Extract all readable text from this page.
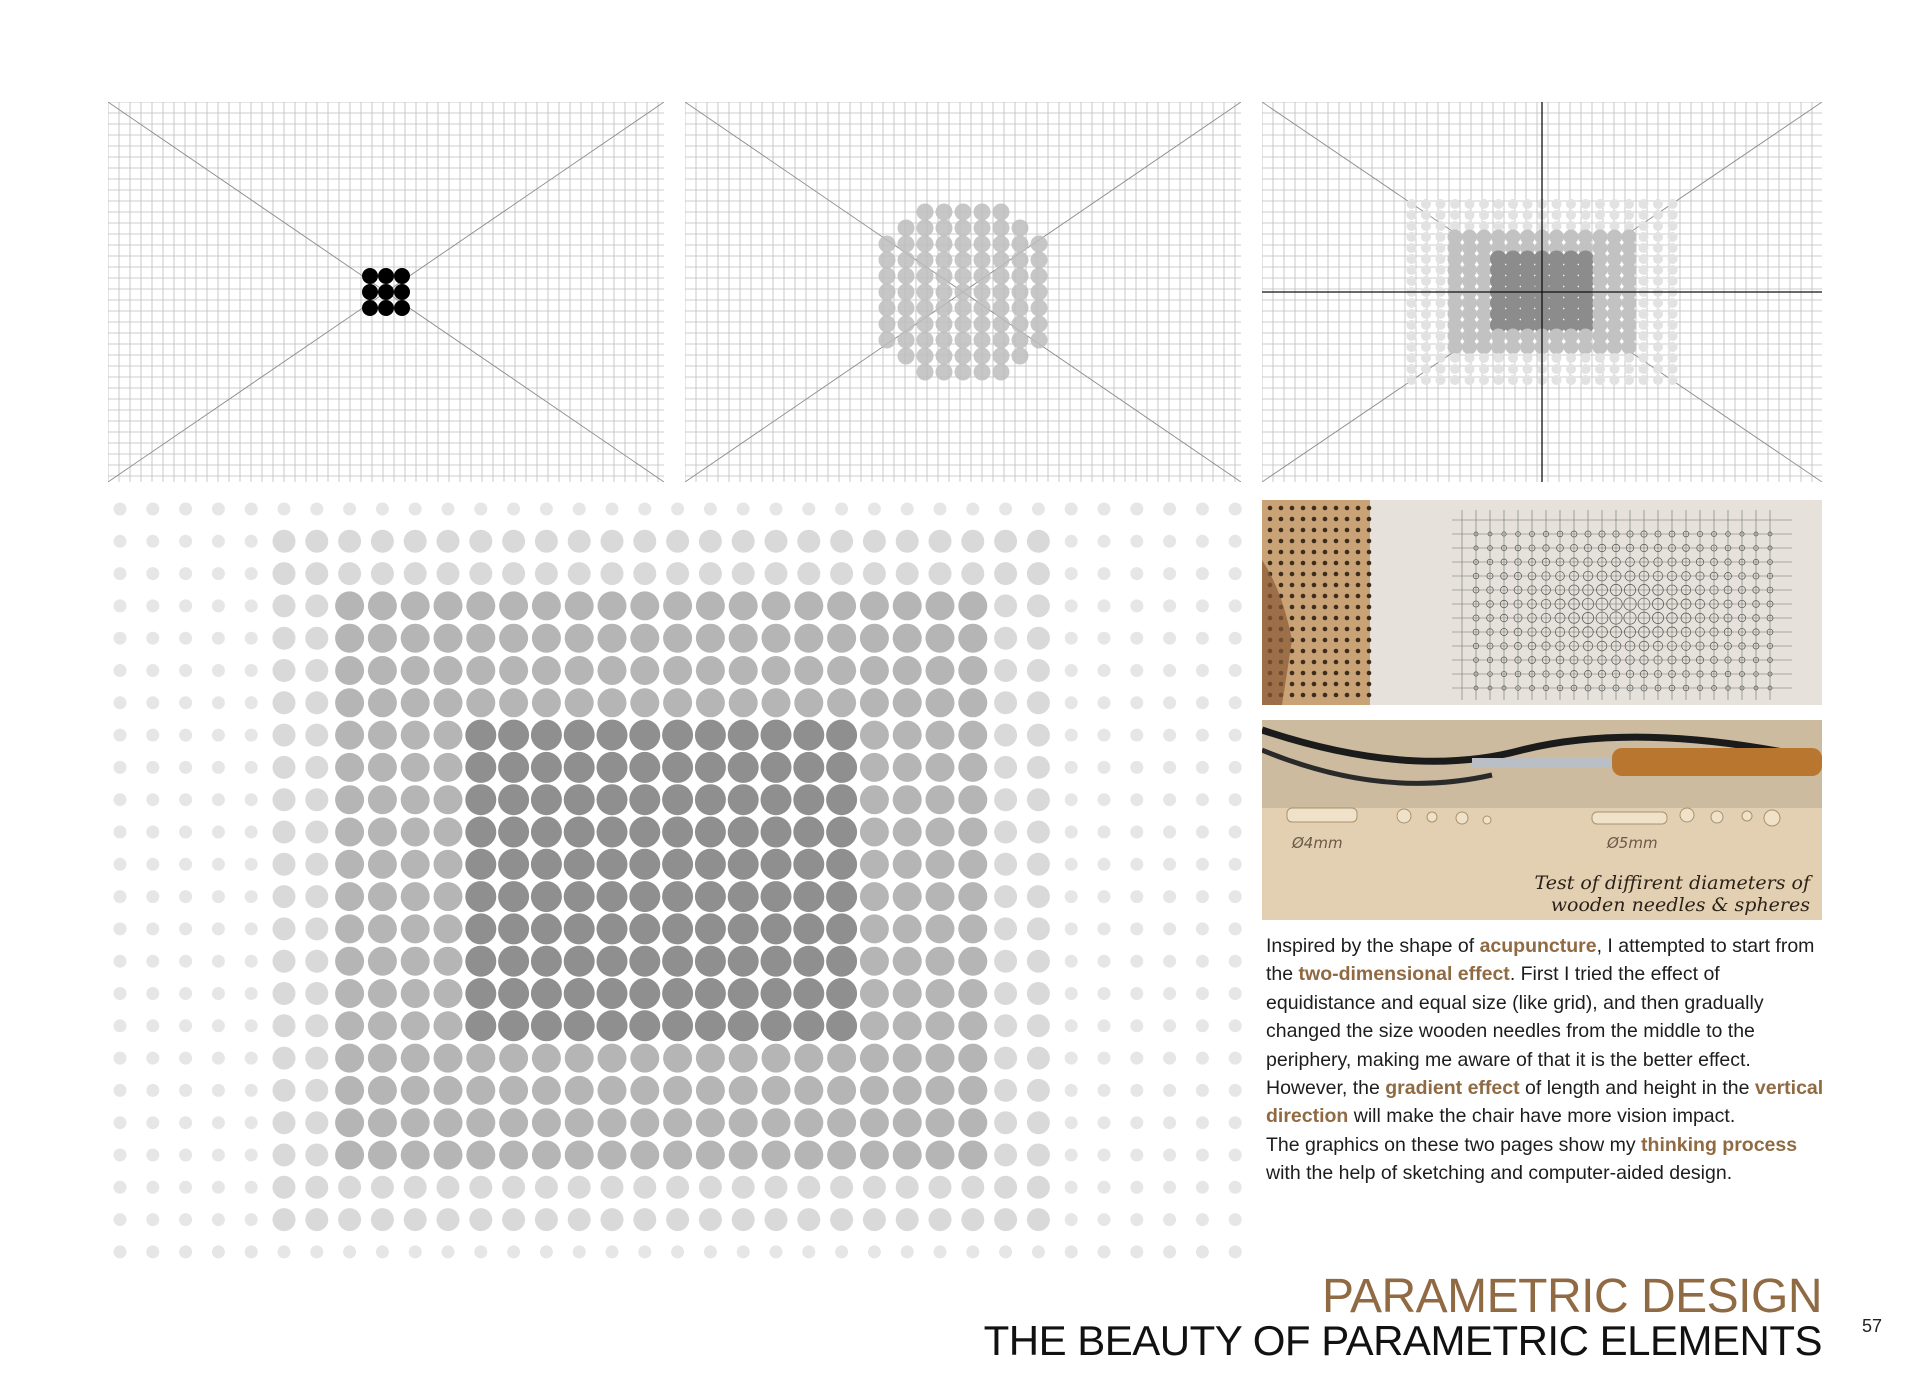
Ø4mm	Ø5mm
Test of diffirent diameters of
wooden needles & spheres

Inspired by the shape of acupuncture, I attempted to start from the two-dimensional effect. First I tried the effect of equidistance and equal size (like grid), and then gradually changed the size wooden needles from the middle to the periphery, making me aware of that it is the better effect.

However, the gradient effect of length and height in the vertical direction will make the chair have more vision impact.

The graphics on these two pages show my thinking process with the help of sketching and computer-aided design.

PARAMETRIC DESIGN
THE BEAUTY OF PARAMETRIC ELEMENTS 57
